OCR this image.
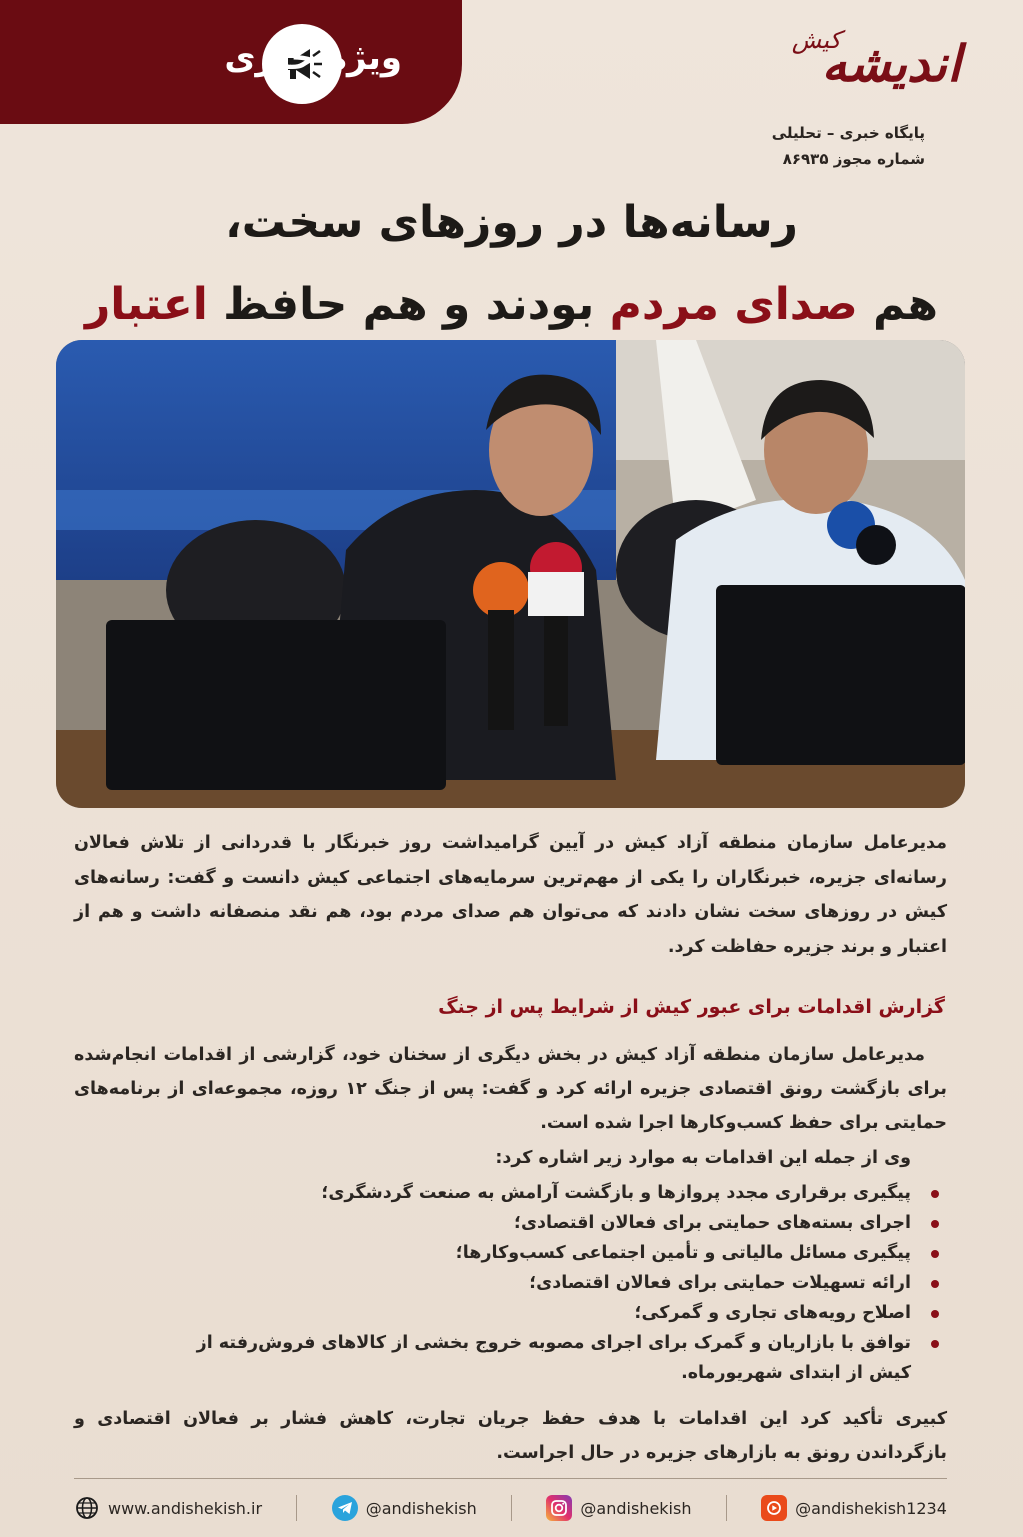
ویژه خبری	کیش
اندیشه
پایگاه خبری – تحلیلی
شماره مجوز ۸۶۹۳۵
رسانه‌ها در روزهای سخت،
هم صدای مردم بودند و هم حافظ اعتبار
مدیرعامل سازمان منطقه آزاد کیش در آیین گرامیداشت روز خبرنگار با قدردانی از تلاش فعالان رسانه‌ای جزیره، خبرنگاران را یکی از مهم‌ترین سرمایه‌های اجتماعی کیش دانست و گفت: رسانه‌های کیش در روزهای سخت نشان دادند که می‌توان هم صدای مردم بود، هم نقد منصفانه داشت و هم از اعتبار و برند جزیره حفاظت کرد.
گزارش اقدامات برای عبور کیش از شرایط پس از جنگ
مدیرعامل سازمان منطقه آزاد کیش در بخش دیگری از سخنان خود، گزارشی از اقدامات انجام‌شده برای بازگشت رونق اقتصادی جزیره ارائه کرد و گفت: پس از جنگ ۱۲ روزه، مجموعه‌ای از برنامه‌های حمایتی برای حفظ کسب‌وکارها اجرا شده است.
وی از جمله این اقدامات به موارد زیر اشاره کرد:
پیگیری برقراری مجدد پروازها و بازگشت آرامش به صنعت گردشگری؛
اجرای بسته‌های حمایتی برای فعالان اقتصادی؛
پیگیری مسائل مالیاتی و تأمین اجتماعی کسب‌وکارها؛
ارائه تسهیلات حمایتی برای فعالان اقتصادی؛
اصلاح رویه‌های تجاری و گمرکی؛
توافق با بازاریان و گمرک برای اجرای مصوبه خروج بخشی از کالاهای فروش‌رفته از کیش از ابتدای شهریورماه.
کبیری تأکید کرد این اقدامات با هدف حفظ جریان تجارت، کاهش فشار بر فعالان اقتصادی و بازگرداندن رونق به بازارهای جزیره در حال اجراست.
www.andishekish.ir	@andishekish	@andishekish	@andishekish1234
